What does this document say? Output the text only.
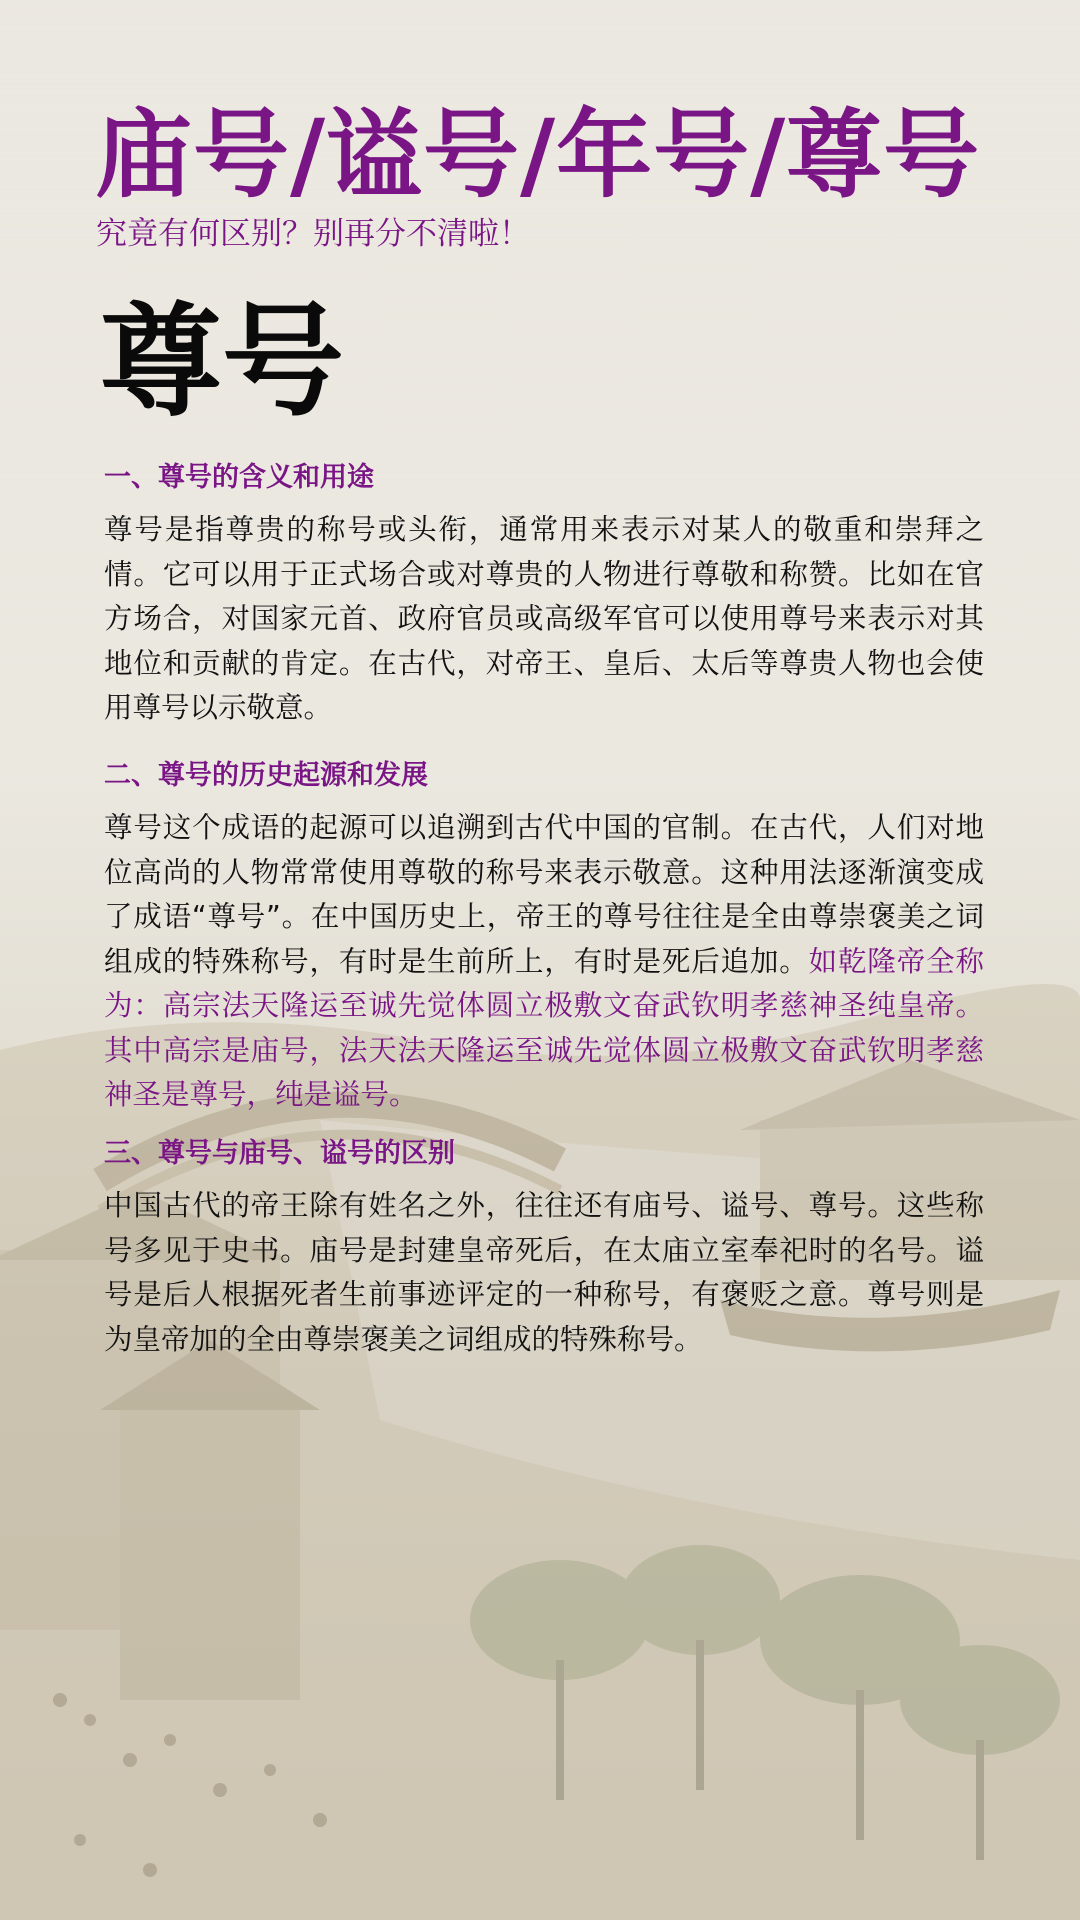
庙号/谥号/年号/尊号
究竟有何区别？别再分不清啦！
尊号
一、尊号的含义和用途

尊号是指尊贵的称号或头衔，通常用来表示对某人的敬重和崇拜之情。它可以用于正式场合或对尊贵的人物进行尊敬和称赞。比如在官方场合，对国家元首、政府官员或高级军官可以使用尊号来表示对其地位和贡献的肯定。在古代，对帝王、皇后、太后等尊贵人物也会使用尊号以示敬意。

二、尊号的历史起源和发展

尊号这个成语的起源可以追溯到古代中国的官制。在古代，人们对地位高尚的人物常常使用尊敬的称号来表示敬意。这种用法逐渐演变成了成语“尊号”。在中国历史上，帝王的尊号往往是全由尊崇褒美之词组成的特殊称号，有时是生前所上，有时是死后追加。如乾隆帝全称为：高宗法天隆运至诚先觉体圆立极敷文奋武钦明孝慈神圣纯皇帝。其中高宗是庙号，法天法天隆运至诚先觉体圆立极敷文奋武钦明孝慈神圣是尊号，纯是谥号。

三、尊号与庙号、谥号的区别

中国古代的帝王除有姓名之外，往往还有庙号、谥号、尊号。这些称号多见于史书。庙号是封建皇帝死后，在太庙立室奉祀时的名号。谥号是后人根据死者生前事迹评定的一种称号，有褒贬之意。尊号则是为皇帝加的全由尊崇褒美之词组成的特殊称号。
